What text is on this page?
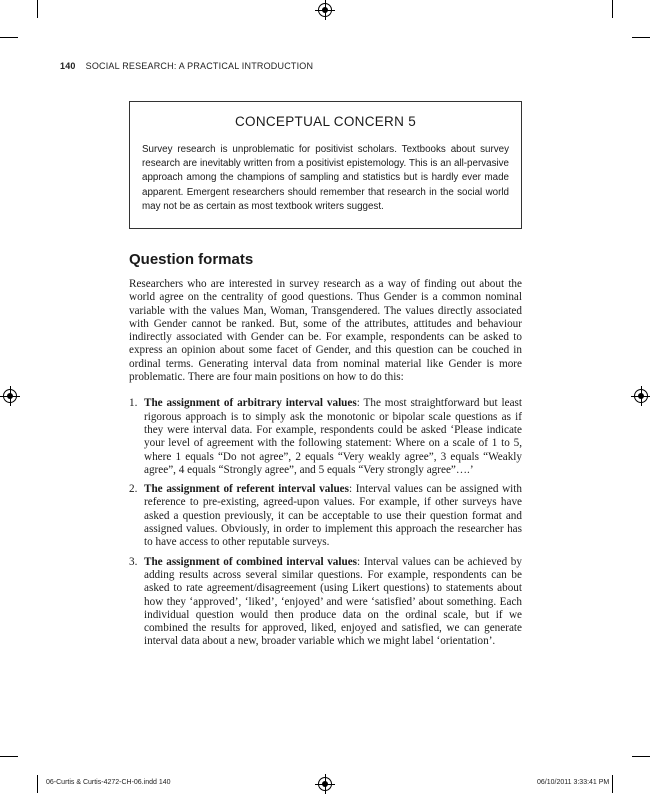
140 SOCIAL RESEARCH: A PRACTICAL INTRODUCTION
CONCEPTUAL CONCERN 5
Survey research is unproblematic for positivist scholars. Textbooks about survey research are inevitably written from a positivist epistemology. This is an all-pervasive approach among the champions of sampling and statistics but is hardly ever made apparent. Emergent researchers should remember that research in the social world may not be as certain as most textbook writers suggest.
Question formats

Researchers who are interested in survey research as a way of finding out about the world agree on the centrality of good questions. Thus Gender is a common nominal variable with the values Man, Woman, Transgendered. The values directly associated with Gender cannot be ranked. But, some of the attributes, attitudes and behaviour indirectly associated with Gender can be. For example, respondents can be asked to express an opinion about some facet of Gender, and this question can be couched in ordinal terms. Generating interval data from nominal material like Gender is more problematic. There are four main positions on how to do this:

1. The assignment of arbitrary interval values: The most straightforward but least rigorous approach is to simply ask the monotonic or bipolar scale questions as if they were interval data. For example, respondents could be asked ‘Please indicate your level of agreement with the following statement: Where on a scale of 1 to 5, where 1 equals “Do not agree”, 2 equals “Very weakly agree”, 3 equals “Weakly agree”, 4 equals “Strongly agree”, and 5 equals “Very strongly agree”….’
2. The assignment of referent interval values: Interval values can be assigned with reference to pre-existing, agreed-upon values. For example, if other surveys have asked a question previously, it can be acceptable to use their question format and assigned values. Obviously, in order to implement this approach the researcher has to have access to other reputable surveys.
3. The assignment of combined interval values: Interval values can be achieved by adding results across several similar questions. For example, respondents can be asked to rate agreement/disagreement (using Likert questions) to statements about how they ‘approved’, ‘liked’, ‘enjoyed’ and were ‘satisfied’ about something. Each individual question would then produce data on the ordinal scale, but if we combined the results for approved, liked, enjoyed and satisfied, we can generate interval data about a new, broader variable which we might label ‘orientation’.
06-Curtis & Curtis-4272-CH-06.indd 140	06/10/2011 3:33:41 PM
